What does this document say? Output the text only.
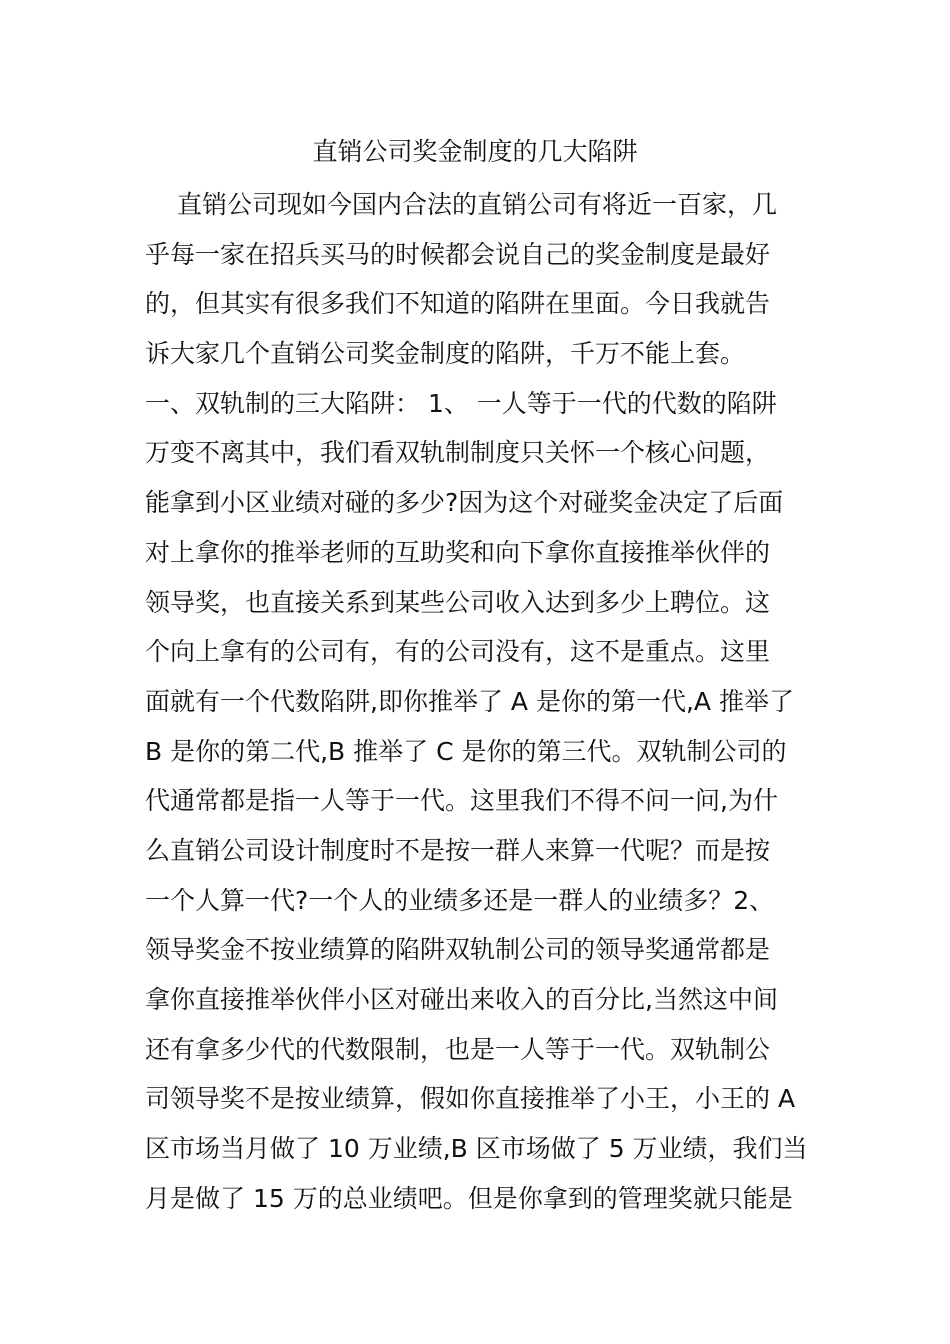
直销公司奖金制度的几大陷阱
直销公司现如今国内合法的直销公司有将近一百家，几
乎每一家在招兵买马的时候都会说自己的奖金制度是最好
的，但其实有很多我们不知道的陷阱在里面。今日我就告
诉大家几个直销公司奖金制度的陷阱，千万不能上套。
一、双轨制的三大陷阱： 1、 一人等于一代的代数的陷阱
万变不离其中，我们看双轨制制度只关怀一个核心问题，
能拿到小区业绩对碰的多少?因为这个对碰奖金决定了后面
对上拿你的推举老师的互助奖和向下拿你直接推举伙伴的
领导奖，也直接关系到某些公司收入达到多少上聘位。这
个向上拿有的公司有，有的公司没有，这不是重点。这里
面就有一个代数陷阱,即你推举了 A 是你的第一代,A 推举了
B 是你的第二代,B 推举了 C 是你的第三代。双轨制公司的
代通常都是指一人等于一代。这里我们不得不问一问,为什
么直销公司设计制度时不是按一群人来算一代呢？而是按
一个人算一代?一个人的业绩多还是一群人的业绩多？2、
领导奖金不按业绩算的陷阱双轨制公司的领导奖通常都是
拿你直接推举伙伴小区对碰出来收入的百分比,当然这中间
还有拿多少代的代数限制，也是一人等于一代。双轨制公
司领导奖不是按业绩算，假如你直接推举了小王，小王的 A
区市场当月做了 10 万业绩,B 区市场做了 5 万业绩，我们当
月是做了 15 万的总业绩吧。但是你拿到的管理奖就只能是
